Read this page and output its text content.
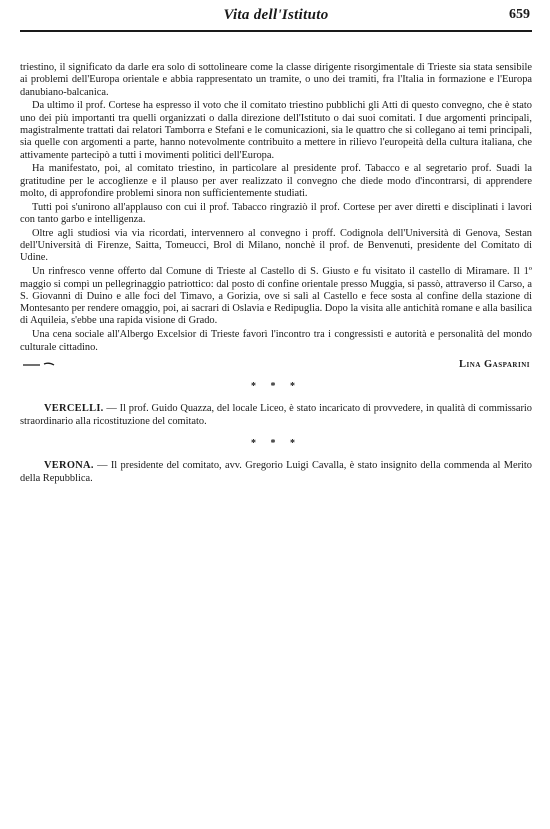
Vita dell'Istituto	659

triestino, il significato da darle era solo di sottolineare come la classe dirigente risorgimentale di Trieste sia stata sensibile ai problemi dell'Europa orientale e abbia rappresentato un tramite, o uno dei tramiti, fra l'Italia in formazione e l'Europa danubiano-balcanica.

Da ultimo il prof. Cortese ha espresso il voto che il comitato triestino pubblichi gli Atti di questo convegno, che è stato uno dei più importanti tra quelli organizzati o dalla direzione dell'Istituto o dai suoi comitati. I due argomenti principali, magistralmente trattati dai relatori Tamborra e Stefani e le comunicazioni, sia le quattro che si collegano ai temi principali, sia quelle con argomenti a parte, hanno notevolmente contribuito a mettere in rilievo l'europeità della cultura italiana, che attivamente partecipò a tutti i movimenti politici dell'Europa.

Ha manifestato, poi, al comitato triestino, in particolare al presidente prof. Tabacco e al segretario prof. Suadi la gratitudine per le accoglienze e il plauso per aver realizzato il convegno che diede modo d'incontrarsi, di apprendere molto, di approfondire problemi sinora non sufficientemente studiati.

Tutti poi s'unirono all'applauso con cui il prof. Tabacco ringraziò il prof. Cortese per aver diretti e disciplinati i lavori con tanto garbo e intelligenza.

Oltre agli studiosi via via ricordati, intervennero al convegno i proff. Codignola dell'Università di Genova, Sestan dell'Università di Firenze, Saitta, Tomeucci, Brol di Milano, nonchè il prof. de Benvenuti, presidente del Comitato di Udine.

Un rinfresco venne offerto dal Comune di Trieste al Castello di S. Giusto e fu visitato il castello di Miramare. Il 1º maggio si compì un pellegrinaggio patriottico: dal posto di confine orientale presso Muggia, si passò, attraverso il Carso, a S. Giovanni di Duino e alle foci del Timavo, a Gorizia, ove si salì al Castello e fece sosta al confine della stazione di Montesanto per rendere omaggio, poi, ai sacrari di Oslavia e Redipuglia. Dopo la visita alle antichità romane e alla basilica di Aquileia, s'ebbe una rapida visione di Grado.

Una cena sociale all'Albergo Excelsior di Trieste favorì l'incontro tra i congressisti e autorità e personalità del mondo culturale cittadino.

Lina Gasparini
* * *

VERCELLI. — Il prof. Guido Quazza, del locale Liceo, è stato incaricato di provvedere, in qualità di commissario straordinario alla ricostituzione del comitato.

* * *

VERONA. — Il presidente del comitato, avv. Gregorio Luigi Cavalla, è stato insignito della commenda al Merito della Repubblica.
